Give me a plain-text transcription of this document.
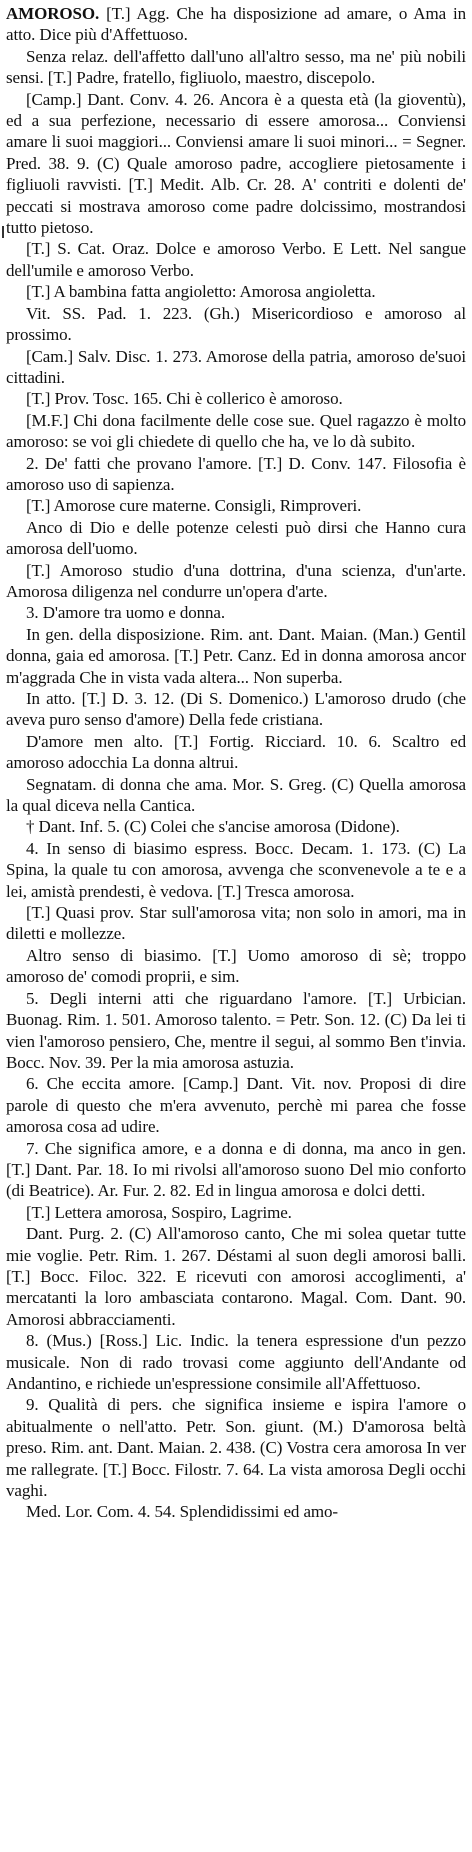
AMOROSO. [T.] Agg. Che ha disposizione ad amare, o Ama in atto. Dice più d'Affettuoso.

Senza relaz. dell'affetto dall'uno all'altro sesso, ma ne' più nobili sensi. [T.] Padre, fratello, figliuolo, maestro, discepolo.

[Camp.] Dant. Conv. 4. 26. Ancora è a questa età (la gioventù), ed a sua perfezione, necessario di essere amorosa... Conviensi amare li suoi maggiori... Conviensi amare li suoi minori... = Segner. Pred. 38. 9. (C) Quale amoroso padre, accogliere pietosamente i figliuoli ravvisti. [T.] Medit. Alb. Cr. 28. A' contriti e dolenti de' peccati si mostrava amoroso come padre dolcissimo, mostrandosi tutto pietoso.

[T.] S. Cat. Oraz. Dolce e amoroso Verbo. E Lett. Nel sangue dell'umile e amoroso Verbo.

[T.] A bambina fatta angioletto: Amorosa angioletta.

Vit. SS. Pad. 1. 223. (Gh.) Misericordioso e amoroso al prossimo.

[Cam.] Salv. Disc. 1. 273. Amorose della patria, amoroso de'suoi cittadini.

[T.] Prov. Tosc. 165. Chi è collerico è amoroso.

[M.F.] Chi dona facilmente delle cose sue. Quel ragazzo è molto amoroso: se voi gli chiedete di quello che ha, ve lo dà subito.

2. De' fatti che provano l'amore. [T.] D. Conv. 147. Filosofia è amoroso uso di sapienza.

[T.] Amorose cure materne. Consigli, Rimproveri.

Anco di Dio e delle potenze celesti può dirsi che Hanno cura amorosa dell'uomo.

[T.] Amoroso studio d'una dottrina, d'una scienza, d'un'arte. Amorosa diligenza nel condurre un'opera d'arte.

3. D'amore tra uomo e donna.

In gen. della disposizione. Rim. ant. Dant. Maian. (Man.) Gentil donna, gaia ed amorosa. [T.] Petr. Canz. Ed in donna amorosa ancor m'aggrada Che in vista vada altera... Non superba.

In atto. [T.] D. 3. 12. (Di S. Domenico.) L'amoroso drudo (che aveva puro senso d'amore) Della fede cristiana.

D'amore men alto. [T.] Fortig. Ricciard. 10. 6. Scaltro ed amoroso adocchia La donna altrui.

Segnatam. di donna che ama. Mor. S. Greg. (C) Quella amorosa la qual diceva nella Cantica.

† Dant. Inf. 5. (C) Colei che s'ancise amorosa (Didone).

4. In senso di biasimo espress. Bocc. Decam. 1. 173. (C) La Spina, la quale tu con amorosa, avvenga che sconvenevole a te e a lei, amistà prendesti, è vedova. [T.] Tresca amorosa.

[T.] Quasi prov. Star sull'amorosa vita; non solo in amori, ma in diletti e mollezze.

Altro senso di biasimo. [T.] Uomo amoroso di sè; troppo amoroso de' comodi proprii, e sim.

5. Degli interni atti che riguardano l'amore. [T.] Urbician. Buonag. Rim. 1. 501. Amoroso talento. = Petr. Son. 12. (C) Da lei ti vien l'amoroso pensiero, Che, mentre il segui, al sommo Ben t'invia. Bocc. Nov. 39. Per la mia amorosa astuzia.

6. Che eccita amore. [Camp.] Dant. Vit. nov. Proposi di dire parole di questo che m'era avvenuto, perchè mi parea che fosse amorosa cosa ad udire.

7. Che significa amore, e a donna e di donna, ma anco in gen. [T.] Dant. Par. 18. Io mi rivolsi all'amoroso suono Del mio conforto (di Beatrice). Ar. Fur. 2. 82. Ed in lingua amorosa e dolci detti.

[T.] Lettera amorosa, Sospiro, Lagrime.

Dant. Purg. 2. (C) All'amoroso canto, Che mi solea quetar tutte mie voglie. Petr. Rim. 1. 267. Déstami al suon degli amorosi balli. [T.] Bocc. Filoc. 322. E ricevuti con amorosi accoglimenti, a' mercatanti la loro ambasciata contarono. Magal. Com. Dant. 90. Amorosi abbracciamenti.

8. (Mus.) [Ross.] Lic. Indic. la tenera espressione d'un pezzo musicale. Non di rado trovasi come aggiunto dell'Andante od Andantino, e richiede un'espressione consimile all'Affettuoso.

9. Qualità di pers. che significa insieme e ispira l'amore o abitualmente o nell'atto. Petr. Son. giunt. (M.) D'amorosa beltà preso. Rim. ant. Dant. Maian. 2. 438. (C) Vostra cera amorosa In ver me rallegrate. [T.] Bocc. Filostr. 7. 64. La vista amorosa Degli occhi vaghi.

Med. Lor. Com. 4. 54. Splendidissimi ed amo-
